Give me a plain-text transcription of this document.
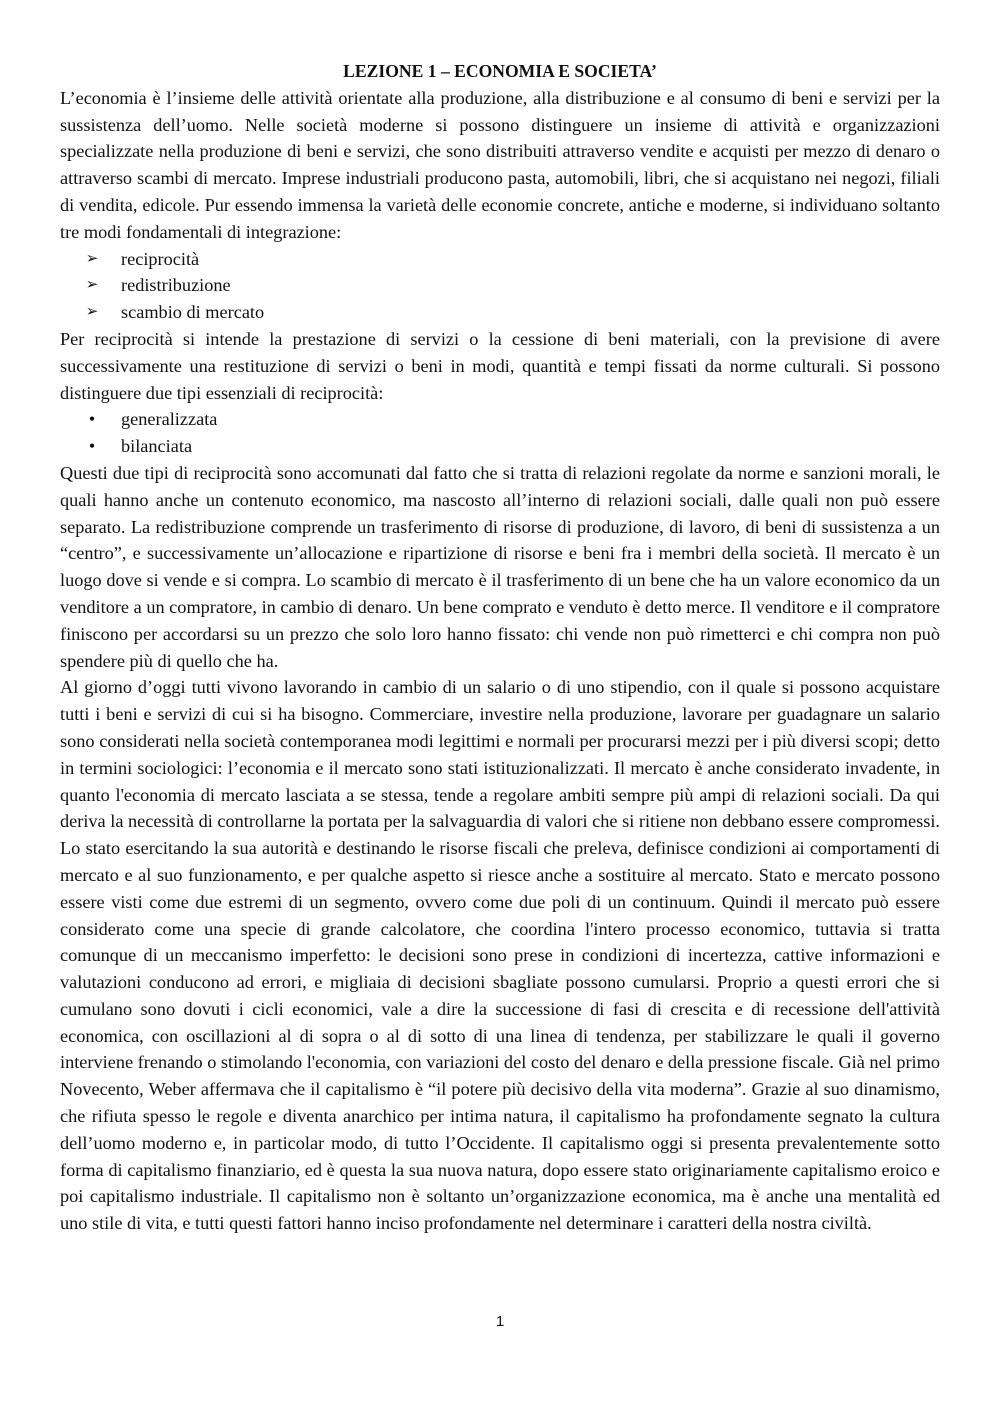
LEZIONE 1 – ECONOMIA E SOCIETA’

L’economia è l’insieme delle attività orientate alla produzione, alla distribuzione e al consumo di beni e servizi per la sussistenza dell’uomo. Nelle società moderne si possono distinguere un insieme di attività e organizzazioni specializzate nella produzione di beni e servizi, che sono distribuiti attraverso vendite e acquisti per mezzo di denaro o attraverso scambi di mercato. Imprese industriali producono pasta, automobili, libri, che si acquistano nei negozi, filiali di vendita, edicole. Pur essendo immensa la varietà delle economie concrete, antiche e moderne, si individuano soltanto tre modi fondamentali di integrazione:

➢ reciprocità
➢ redistribuzione
➢ scambio di mercato

Per reciprocità si intende la prestazione di servizi o la cessione di beni materiali, con la previsione di avere successivamente una restituzione di servizi o beni in modi, quantità e tempi fissati da norme culturali. Si possono distinguere due tipi essenziali di reciprocità:

•	generalizzata
•	bilanciata

Questi due tipi di reciprocità sono accomunati dal fatto che si tratta di relazioni regolate da norme e sanzioni morali, le quali hanno anche un contenuto economico, ma nascosto all’interno di relazioni sociali, dalle quali non può essere separato. La redistribuzione comprende un trasferimento di risorse di produzione, di lavoro, di beni di sussistenza a un “centro”, e successivamente un’allocazione e ripartizione di risorse e beni fra i membri della società. Il mercato è un luogo dove si vende e si compra. Lo scambio di mercato è il trasferimento di un bene che ha un valore economico da un venditore a un compratore, in cambio di denaro. Un bene comprato e venduto è detto merce. Il venditore e il compratore finiscono per accordarsi su un prezzo che solo loro hanno fissato: chi vende non può rimetterci e chi compra non può spendere più di quello che ha.

Al giorno d’oggi tutti vivono lavorando in cambio di un salario o di uno stipendio, con il quale si possono acquistare tutti i beni e servizi di cui si ha bisogno. Commerciare, investire nella produzione, lavorare per guadagnare un salario sono considerati nella società contemporanea modi legittimi e normali per procurarsi mezzi per i più diversi scopi; detto in termini sociologici: l’economia e il mercato sono stati istituzionalizzati. Il mercato è anche considerato invadente, in quanto l'economia di mercato lasciata a se stessa, tende a regolare ambiti sempre più ampi di relazioni sociali. Da qui deriva la necessità di controllarne la portata per la salvaguardia di valori che si ritiene non debbano essere compromessi. Lo stato esercitando la sua autorità e destinando le risorse fiscali che preleva, definisce condizioni ai comportamenti di mercato e al suo funzionamento, e per qualche aspetto si riesce anche a sostituire al mercato. Stato e mercato possono essere visti come due estremi di un segmento, ovvero come due poli di un continuum. Quindi il mercato può essere considerato come una specie di grande calcolatore, che coordina l'intero processo economico, tuttavia si tratta comunque di un meccanismo imperfetto: le decisioni sono prese in condizioni di incertezza, cattive informazioni e valutazioni conducono ad errori, e migliaia di decisioni sbagliate possono cumularsi. Proprio a questi errori che si cumulano sono dovuti i cicli economici, vale a dire la successione di fasi di crescita e di recessione dell'attività economica, con oscillazioni al di sopra o al di sotto di una linea di tendenza, per stabilizzare le quali il governo interviene frenando o stimolando l'economia, con variazioni del costo del denaro e della pressione fiscale. Già nel primo Novecento, Weber affermava che il capitalismo è “il potere più decisivo della vita moderna”. Grazie al suo dinamismo, che rifiuta spesso le regole e diventa anarchico per intima natura, il capitalismo ha profondamente segnato la cultura dell’uomo moderno e, in particolar modo, di tutto l’Occidente. Il capitalismo oggi si presenta prevalentemente sotto forma di capitalismo finanziario, ed è questa la sua nuova natura, dopo essere stato originariamente capitalismo eroico e poi capitalismo industriale. Il capitalismo non è soltanto un’organizzazione economica, ma è anche una mentalità ed uno stile di vita, e tutti questi fattori hanno inciso profondamente nel determinare i caratteri della nostra civiltà.

1
